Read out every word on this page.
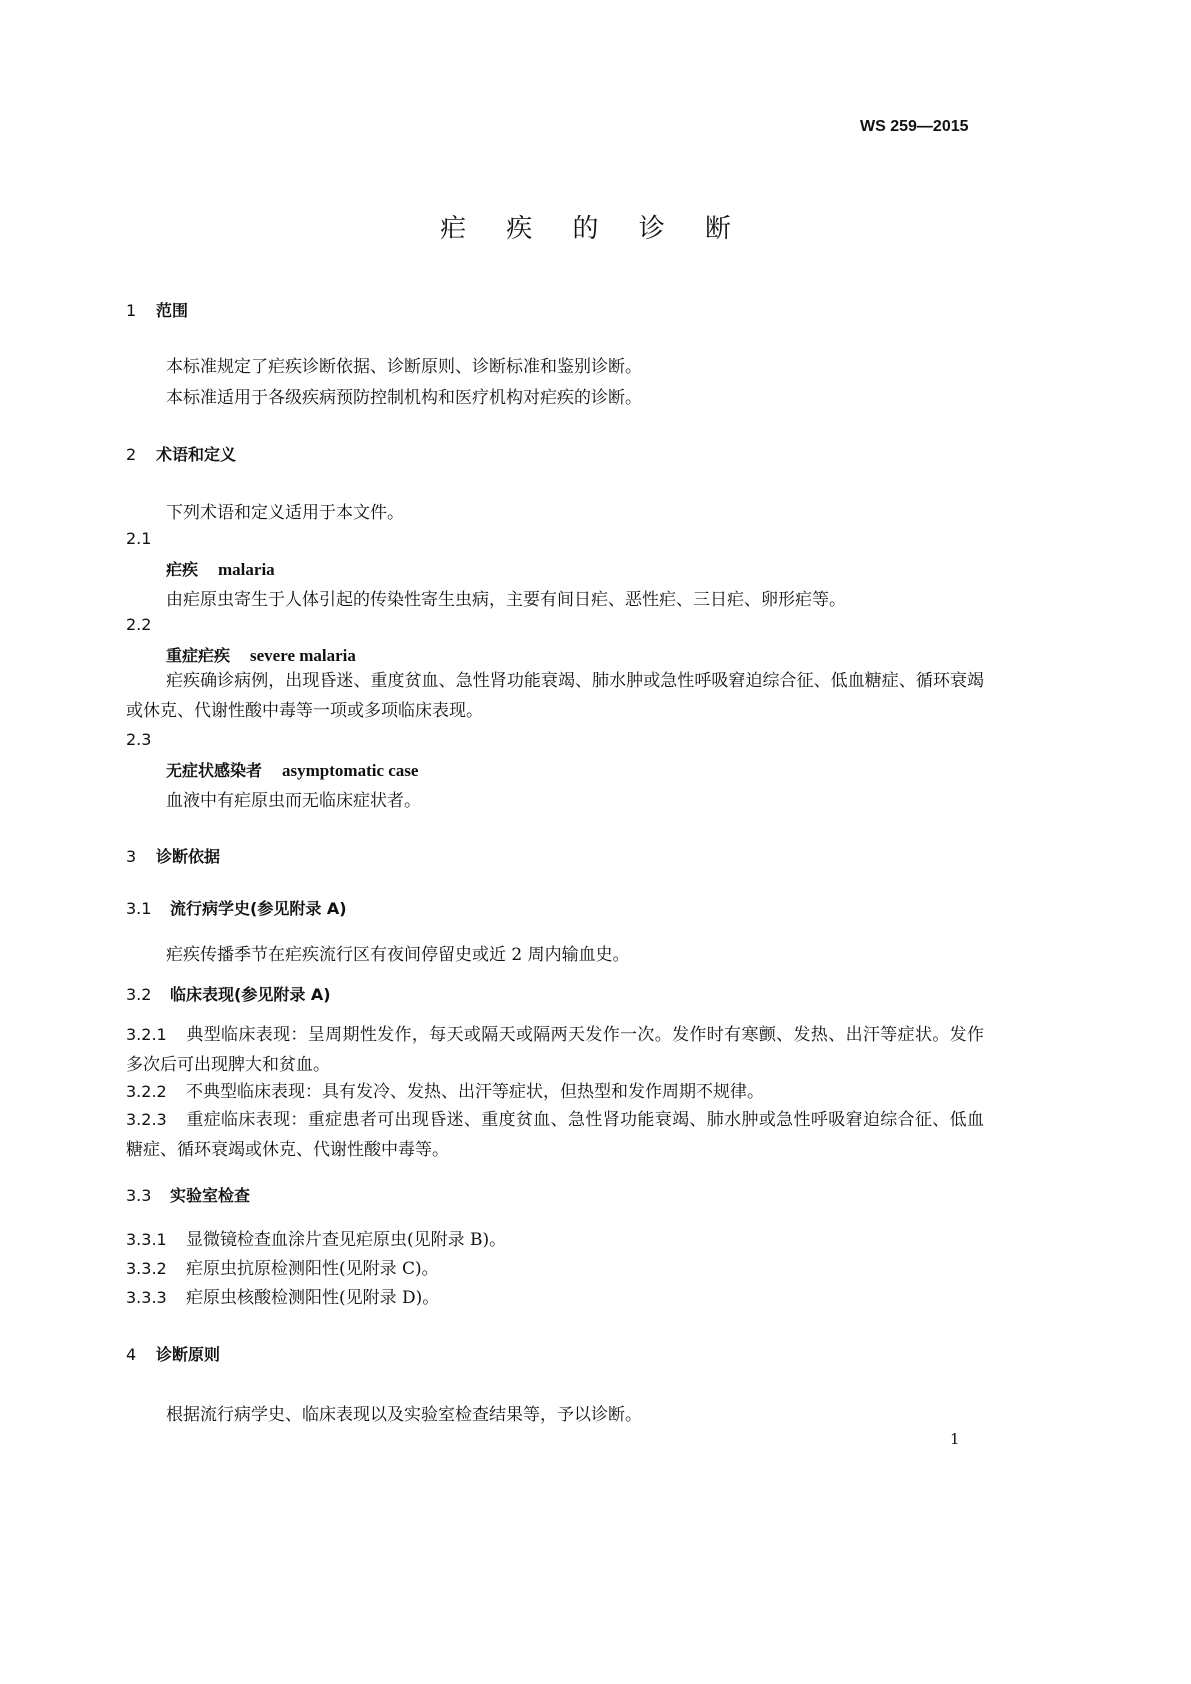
WS 259—2015
疟 疾 的 诊 断
1 范围
本标准规定了疟疾诊断依据、诊断原则、诊断标准和鉴别诊断。
本标准适用于各级疾病预防控制机构和医疗机构对疟疾的诊断。
2 术语和定义
下列术语和定义适用于本文件。
2.1
疟疾 malaria
由疟原虫寄生于人体引起的传染性寄生虫病，主要有间日疟、恶性疟、三日疟、卵形疟等。
2.2
重症疟疾 severe malaria
疟疾确诊病例，出现昏迷、重度贫血、急性肾功能衰竭、肺水肿或急性呼吸窘迫综合征、低血糖症、循环衰竭或休克、代谢性酸中毒等一项或多项临床表现。
2.3
无症状感染者 asymptomatic case
血液中有疟原虫而无临床症状者。
3 诊断依据
3.1 流行病学史(参见附录 A)
疟疾传播季节在疟疾流行区有夜间停留史或近 2 周内输血史。
3.2 临床表现(参见附录 A)
3.2.1 典型临床表现：呈周期性发作，每天或隔天或隔两天发作一次。发作时有寒颤、发热、出汗等症状。发作多次后可出现脾大和贫血。
3.2.2 不典型临床表现：具有发冷、发热、出汗等症状，但热型和发作周期不规律。
3.2.3 重症临床表现：重症患者可出现昏迷、重度贫血、急性肾功能衰竭、肺水肿或急性呼吸窘迫综合征、低血糖症、循环衰竭或休克、代谢性酸中毒等。
3.3 实验室检查
3.3.1 显微镜检查血涂片查见疟原虫(见附录 B)。
3.3.2 疟原虫抗原检测阳性(见附录 C)。
3.3.3 疟原虫核酸检测阳性(见附录 D)。
4 诊断原则
根据流行病学史、临床表现以及实验室检查结果等，予以诊断。
1
